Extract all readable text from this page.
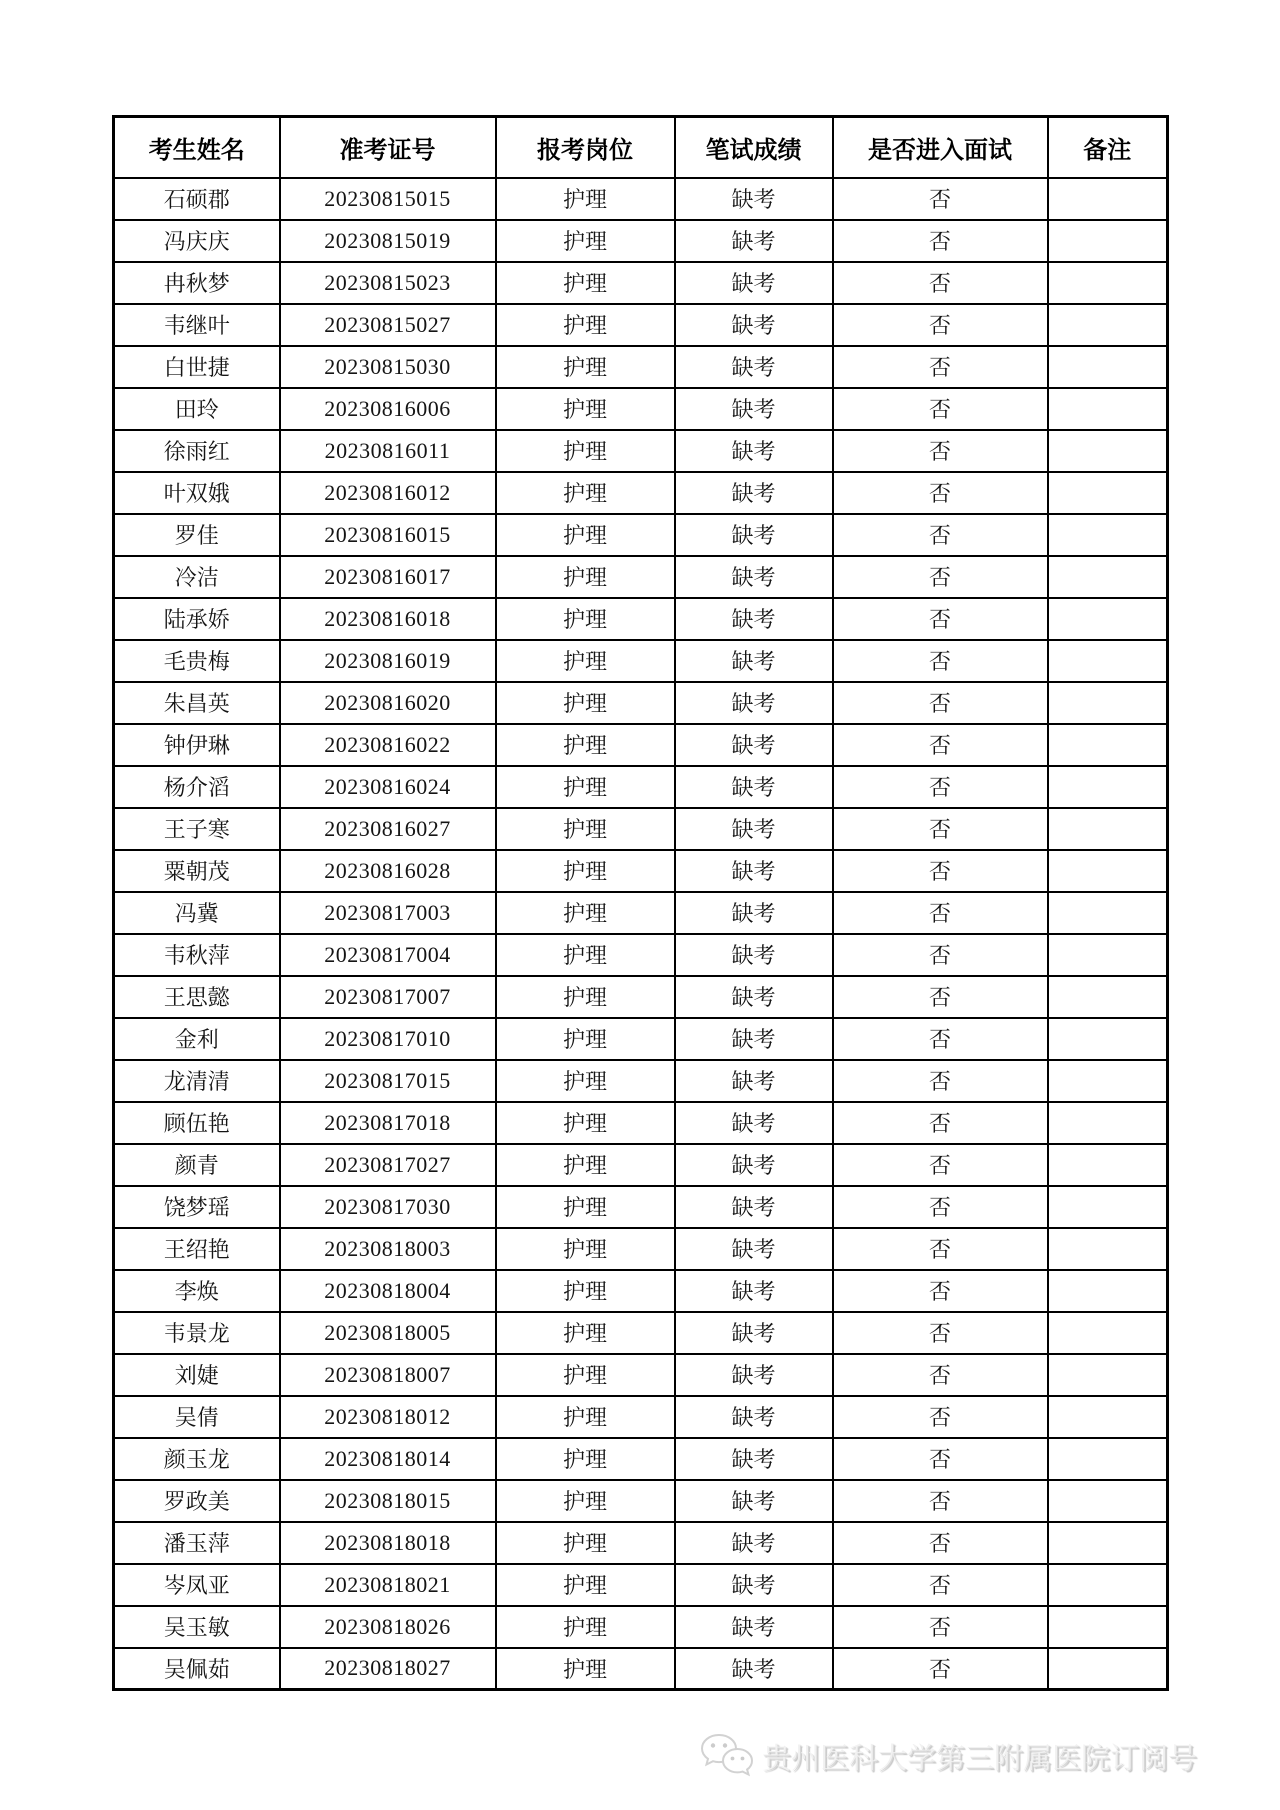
考生姓名	准考证号	报考岗位	笔试成绩	是否进入面试	备注
石硕郡	20230815015	护理	缺考	否	
冯庆庆	20230815019	护理	缺考	否	
冉秋梦	20230815023	护理	缺考	否	
韦继叶	20230815027	护理	缺考	否	
白世捷	20230815030	护理	缺考	否	
田玲	20230816006	护理	缺考	否	
徐雨红	20230816011	护理	缺考	否	
叶双娥	20230816012	护理	缺考	否	
罗佳	20230816015	护理	缺考	否	
冷洁	20230816017	护理	缺考	否	
陆承娇	20230816018	护理	缺考	否	
毛贵梅	20230816019	护理	缺考	否	
朱昌英	20230816020	护理	缺考	否	
钟伊琳	20230816022	护理	缺考	否	
杨介滔	20230816024	护理	缺考	否	
王子寒	20230816027	护理	缺考	否	
粟朝茂	20230816028	护理	缺考	否	
冯冀	20230817003	护理	缺考	否	
韦秋萍	20230817004	护理	缺考	否	
王思懿	20230817007	护理	缺考	否	
金利	20230817010	护理	缺考	否	
龙清清	20230817015	护理	缺考	否	
顾伍艳	20230817018	护理	缺考	否	
颜青	20230817027	护理	缺考	否	
饶梦瑶	20230817030	护理	缺考	否	
王绍艳	20230818003	护理	缺考	否	
李焕	20230818004	护理	缺考	否	
韦景龙	20230818005	护理	缺考	否	
刘婕	20230818007	护理	缺考	否	
吴倩	20230818012	护理	缺考	否	
颜玉龙	20230818014	护理	缺考	否	
罗政美	20230818015	护理	缺考	否	
潘玉萍	20230818018	护理	缺考	否	
岑凤亚	20230818021	护理	缺考	否	
吴玉敏	20230818026	护理	缺考	否	
吴佩茹	20230818027	护理	缺考	否	
贵州医科大学第三附属医院订阅号
